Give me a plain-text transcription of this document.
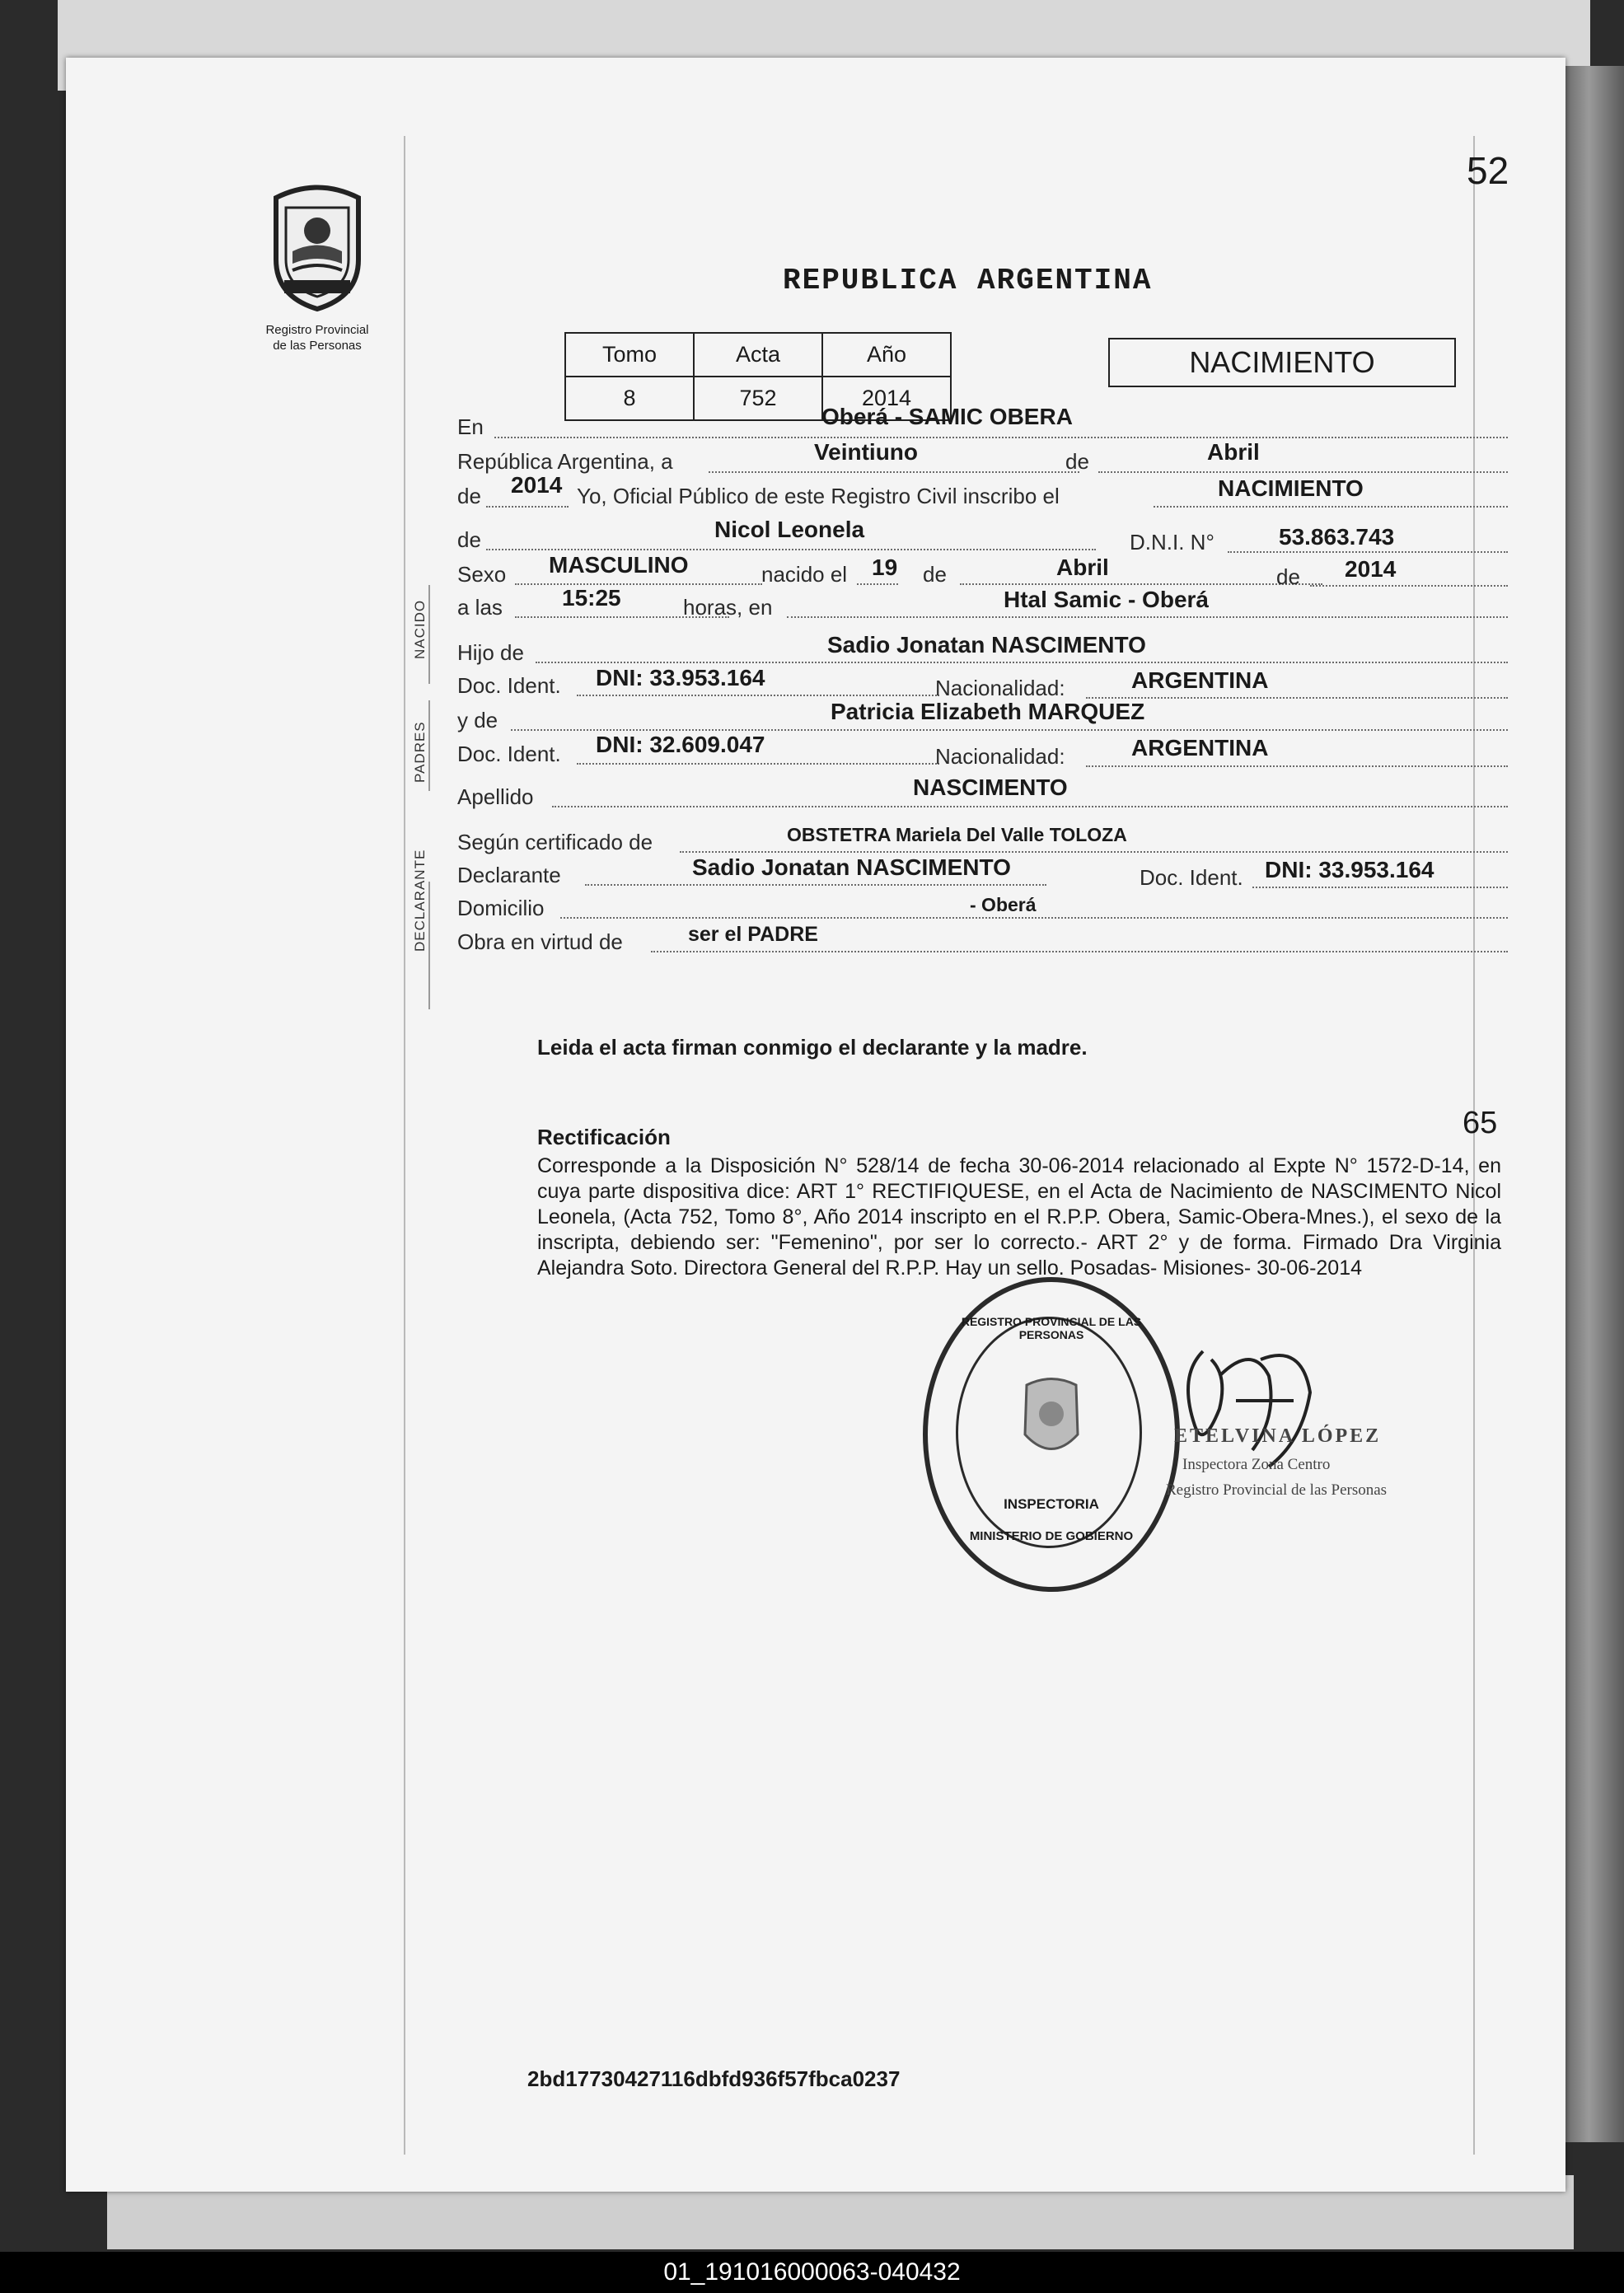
52
Registro Provincial
de las Personas
REPUBLICA ARGENTINA
Tomo	Acta	Año
8	752	2014
NACIMIENTO
NACIDO
PADRES
DECLARANTE
En	Oberá - SAMIC OBERA
República Argentina, a	Veintiuno	de	Abril
de 2014 Yo, Oficial Público de este Registro Civil inscribo el	NACIMIENTO
de	Nicol Leonela	D.N.I. N°	53.863.743
Sexo MASCULINO	nacido el 19 de	Abril	de 2014
a las	15:25	horas, en	Htal Samic - Oberá
Hijo de	Sadio Jonatan NASCIMENTO
Doc. Ident. DNI: 33.953.164	Nacionalidad:	ARGENTINA
y de	Patricia Elizabeth MARQUEZ
Doc. Ident. DNI: 32.609.047	Nacionalidad:	ARGENTINA
Apellido	NASCIMENTO
Según certificado de	OBSTETRA Mariela Del Valle TOLOZA
Declarante	Sadio Jonatan NASCIMENTO	Doc. Ident. DNI: 33.953.164
Domicilio	- Oberá
Obra en virtud de	ser el PADRE
Leida el acta firman conmigo el declarante y la madre.
65
Rectificación
Corresponde a la Disposición N° 528/14 de fecha 30-06-2014 relacionado al Expte N° 1572-D-14, en cuya parte dispositiva dice: ART 1° RECTIFIQUESE, en el Acta de Nacimiento de NASCIMENTO Nicol Leonela, (Acta 752, Tomo 8°, Año 2014 inscripto en el R.P.P. Obera, Samic-Obera-Mnes.), el sexo de la inscripta, debiendo ser: "Femenino", por ser lo correcto.- ART 2° y de forma. Firmado Dra Virginia Alejandra Soto. Directora General del R.P.P. Hay un sello. Posadas- Misiones- 30-06-2014
REGISTRO PROVINCIAL DE LAS PERSONAS
INSPECTORIA
MINISTERIO DE GOBIERNO
ETELVINA LÓPEZ
Inspectora Zona Centro
Registro Provincial de las Personas
2bd17730427116dbfd936f57fbca0237
01_191016000063-040432
